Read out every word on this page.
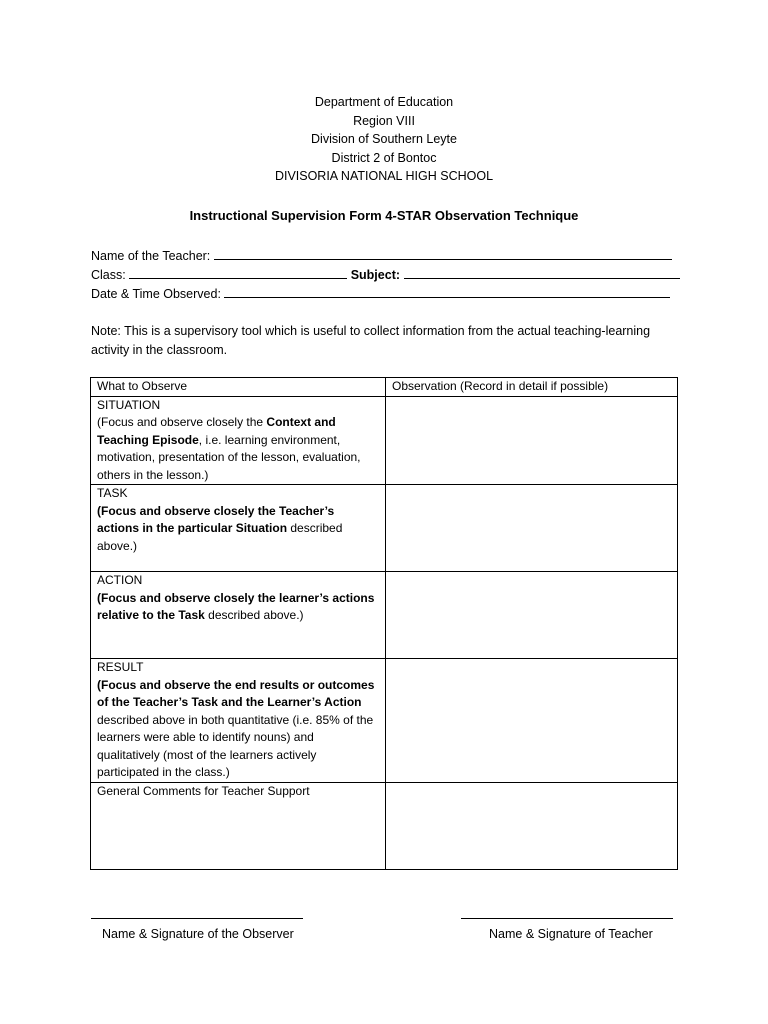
Department of Education
Region VIII
Division of Southern Leyte
District 2 of Bontoc
DIVISORIA NATIONAL HIGH SCHOOL
Instructional Supervision Form 4-STAR Observation Technique
Name of the Teacher:
Class:	Subject:
Date & Time Observed:
Note: This is a supervisory tool which is useful to collect information from the actual teaching-learning activity in the classroom.
What to Observe	Observation (Record in detail if possible)

SITUATION
(Focus and observe closely the Context and Teaching Episode, i.e. learning environment, motivation, presentation of the lesson, evaluation, others in the lesson.)	

TASK
(Focus and observe closely the Teacher’s actions in the particular Situation described above.)	

ACTION
(Focus and observe closely the learner’s actions relative to the Task described above.)	

RESULT
(Focus and observe the end results or outcomes of the Teacher’s Task and the Learner’s Action described above in both quantitative (i.e. 85% of the learners were able to identify nouns) and qualitatively (most of the learners actively participated in the class.)	

General Comments for Teacher Support	

Name & Signature of the Observer	Name & Signature of Teacher
